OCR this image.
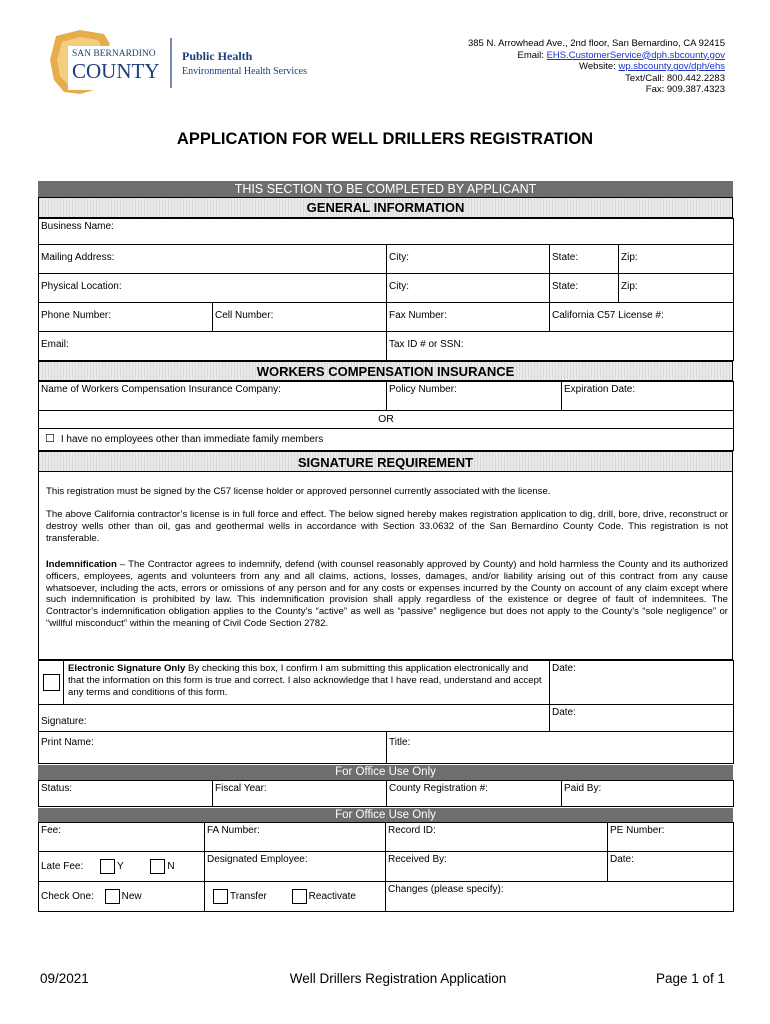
SAN BERNARDINO
COUNTY
Public Health
Environmental Health Services
385 N. Arrowhead Ave., 2nd floor, San Bernardino, CA 92415
Email: EHS.CustomerService@dph.sbcounty.gov
Website: wp.sbcounty.gov/dph/ehs
Text/Call: 800.442.2283
Fax: 909.387.4323
APPLICATION FOR WELL DRILLERS REGISTRATION
THIS SECTION TO BE COMPLETED BY APPLICANT
GENERAL INFORMATION
Business Name:				
Mailing Address:		City:	State:	Zip:
Physical Location:		City:	State:	Zip:
Phone Number:	Cell Number:	Fax Number:	California C57 License #:	
Email:		Tax ID # or SSN:		
WORKERS COMPENSATION INSURANCE
Name of Workers Compensation Insurance Company:	Policy Number:	Expiration Date:
OR
☐ I have no employees other than immediate family members
SIGNATURE REQUIREMENT
This registration must be signed by the C57 license holder or approved personnel currently associated with the license.
The above California contractor’s license is in full force and effect. The below signed hereby makes registration application to dig, drill, bore, drive, reconstruct or destroy wells other than oil, gas and geothermal wells in accordance with Section 33.0632 of the San Bernardino County Code. This registration is not transferable.
Indemnification – The Contractor agrees to indemnify, defend (with counsel reasonably approved by County) and hold harmless the County and its authorized officers, employees, agents and volunteers from any and all claims, actions, losses, damages, and/or liability arising out of this contract from any cause whatsoever, including the acts, errors or omissions of any person and for any costs or expenses incurred by the County on account of any claim except where such indemnification is prohibited by law. This indemnification provision shall apply regardless of the existence or degree of fault of indemnitees. The Contractor’s indemnification obligation applies to the County’s “active” as well as “passive” negligence but does not apply to the County’s “sole negligence” or “willful misconduct” within the meaning of Civil Code Section 2782.
	Electronic Signature Only By checking this box, I confirm I am submitting this application electronically and that the information on this form is true and correct. I also acknowledge that I have read, understand and accept any terms and conditions of this form.	Date:
Signature:		Date:
Print Name:	Title:
For Office Use Only
Status:	Fiscal Year:	County Registration #:	Paid By:
For Office Use Only
Fee:	FA Number:	Record ID:	PE Number:
Late Fee: Y N	Designated Employee:	Received By:	Date:
Check One: New	Transfer Reactivate	Changes (please specify):	
09/2021	Well Drillers Registration Application	Page 1 of 1
